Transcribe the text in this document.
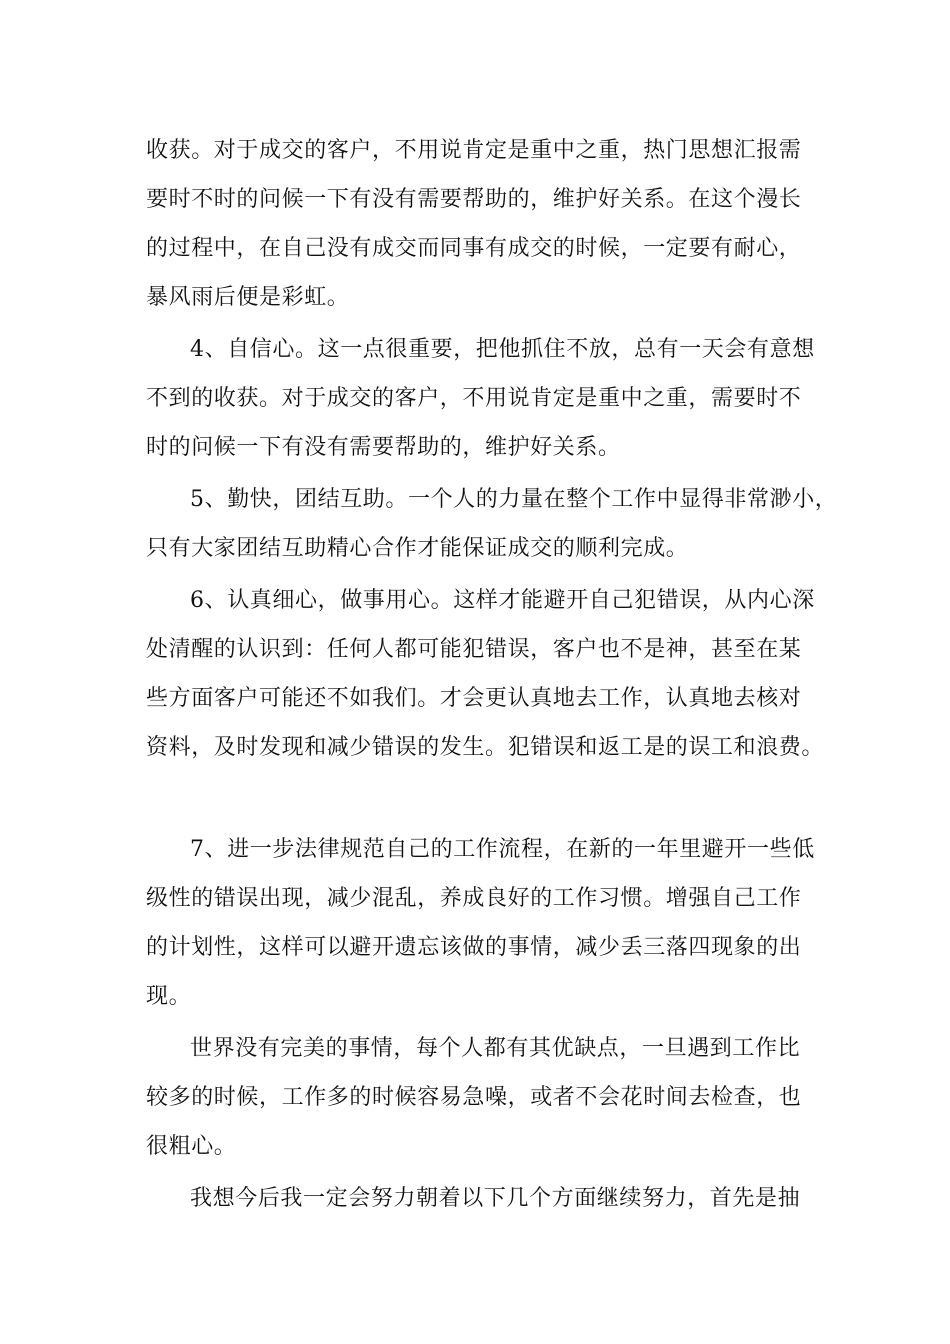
收获。对于成交的客户，不用说肯定是重中之重，热门思想汇报需
要时不时的问候一下有没有需要帮助的，维护好关系。在这个漫长
的过程中，在自己没有成交而同事有成交的时候，一定要有耐心，
暴风雨后便是彩虹。
4、自信心。这一点很重要，把他抓住不放，总有一天会有意想
不到的收获。对于成交的客户，不用说肯定是重中之重，需要时不
时的问候一下有没有需要帮助的，维护好关系。
5、勤快，团结互助。一个人的力量在整个工作中显得非常渺小，
只有大家团结互助精心合作才能保证成交的顺利完成。
6、认真细心，做事用心。这样才能避开自己犯错误，从内心深
处清醒的认识到：任何人都可能犯错误，客户也不是神，甚至在某
些方面客户可能还不如我们。才会更认真地去工作，认真地去核对
资料，及时发现和减少错误的发生。犯错误和返工是的误工和浪费。
7、进一步法律规范自己的工作流程，在新的一年里避开一些低
级性的错误出现，减少混乱，养成良好的工作习惯。增强自己工作
的计划性，这样可以避开遗忘该做的事情，减少丢三落四现象的出
现。
世界没有完美的事情，每个人都有其优缺点，一旦遇到工作比
较多的时候，工作多的时候容易急噪，或者不会花时间去检查，也
很粗心。
我想今后我一定会努力朝着以下几个方面继续努力，首先是抽
